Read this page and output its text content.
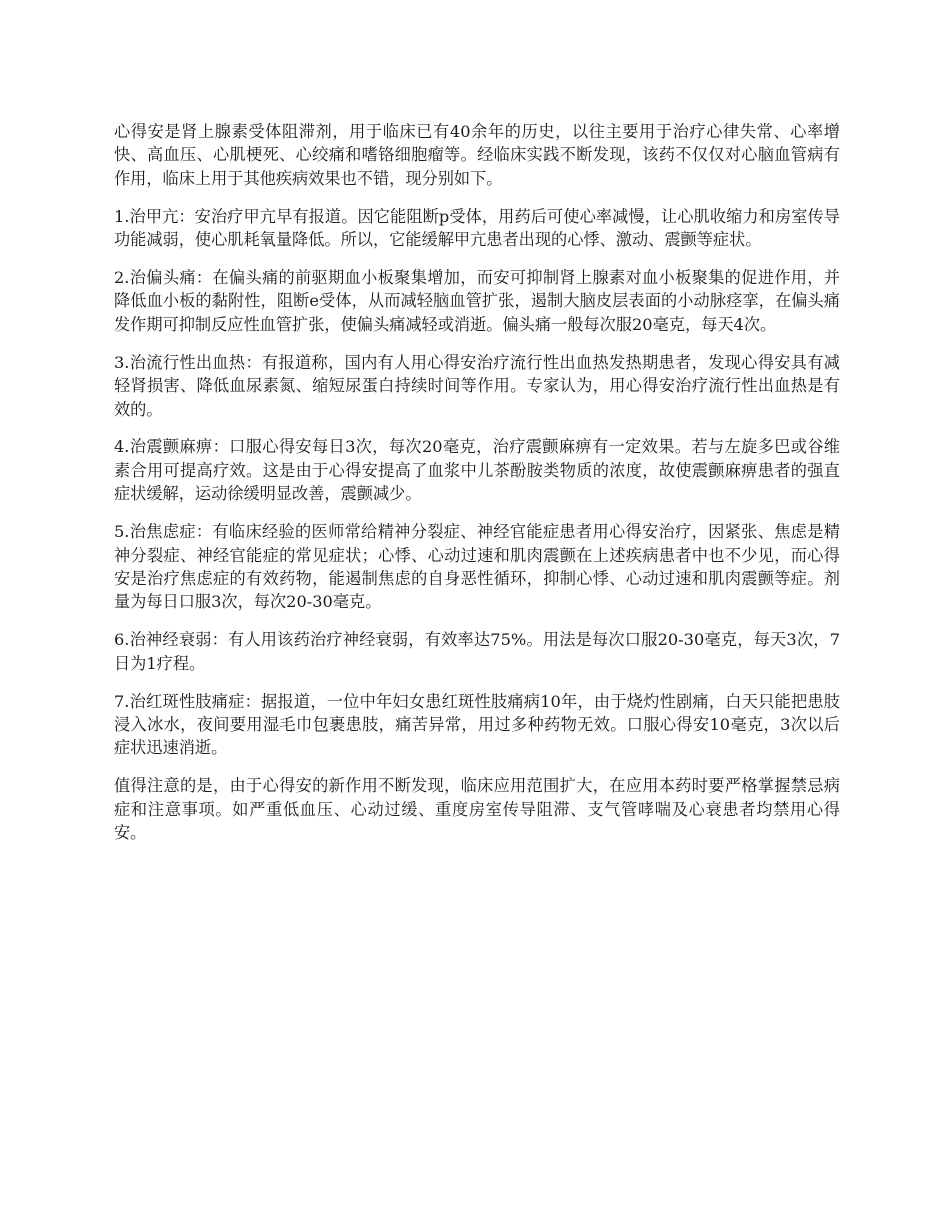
心得安是肾上腺素受体阻滞剂，用于临床已有40余年的历史，以往主要用于治疗心律失常、心率增快、高血压、心肌梗死、心绞痛和嗜铬细胞瘤等。经临床实践不断发现，该药不仅仅对心脑血管病有作用，临床上用于其他疾病效果也不错，现分别如下。

1.治甲亢：安治疗甲亢早有报道。因它能阻断p受体，用药后可使心率减慢，让心肌收缩力和房室传导功能减弱，使心肌耗氧量降低。所以，它能缓解甲亢患者出现的心悸、激动、震颤等症状。

2.治偏头痛：在偏头痛的前驱期血小板聚集增加，而安可抑制肾上腺素对血小板聚集的促进作用，并降低血小板的黏附性，阻断e受体，从而减轻脑血管扩张，遏制大脑皮层表面的小动脉痉挛，在偏头痛发作期可抑制反应性血管扩张，使偏头痛减轻或消逝。偏头痛一般每次服20毫克，每天4次。

3.治流行性出血热：有报道称，国内有人用心得安治疗流行性出血热发热期患者，发现心得安具有减轻肾损害、降低血尿素氮、缩短尿蛋白持续时间等作用。专家认为，用心得安治疗流行性出血热是有效的。

4.治震颤麻痹：口服心得安每日3次，每次20毫克，治疗震颤麻痹有一定效果。若与左旋多巴或谷维素合用可提高疗效。这是由于心得安提高了血浆中儿茶酚胺类物质的浓度，故使震颤麻痹患者的强直症状缓解，运动徐缓明显改善，震颤减少。

5.治焦虑症：有临床经验的医师常给精神分裂症、神经官能症患者用心得安治疗，因紧张、焦虑是精神分裂症、神经官能症的常见症状；心悸、心动过速和肌肉震颤在上述疾病患者中也不少见，而心得安是治疗焦虑症的有效药物，能遏制焦虑的自身恶性循环，抑制心悸、心动过速和肌肉震颤等症。剂量为每日口服3次，每次20-30毫克。

6.治神经衰弱：有人用该药治疗神经衰弱，有效率达75%。用法是每次口服20-30毫克，每天3次，7日为1疗程。

7.治红斑性肢痛症：据报道，一位中年妇女患红斑性肢痛病10年，由于烧灼性剧痛，白天只能把患肢浸入冰水，夜间要用湿毛巾包裹患肢，痛苦异常，用过多种药物无效。口服心得安10毫克，3次以后症状迅速消逝。

值得注意的是，由于心得安的新作用不断发现，临床应用范围扩大，在应用本药时要严格掌握禁忌病症和注意事项。如严重低血压、心动过缓、重度房室传导阻滞、支气管哮喘及心衰患者均禁用心得安。
